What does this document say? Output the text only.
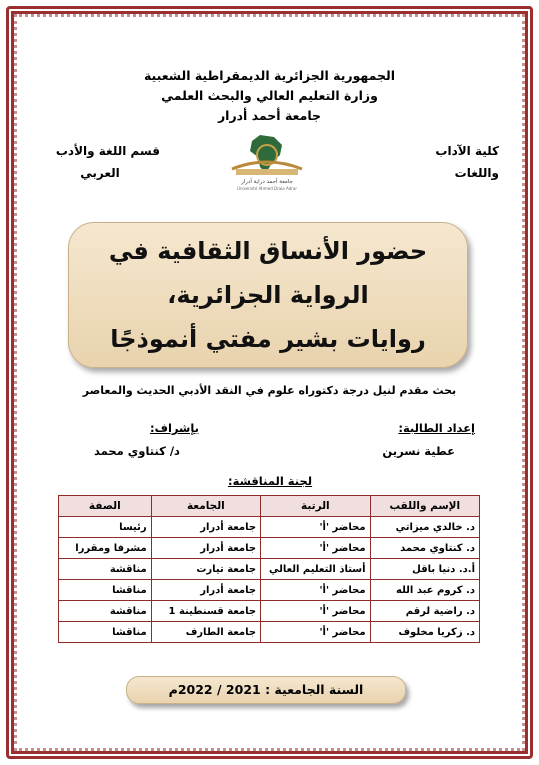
الجمهورية الجزائرية الديمقراطية الشعبية
وزارة التعليم العالي والبحث العلمي
جامعة أحمد أدرار
كلية الآداب
واللغات
قسم اللغة والأدب
العربي
جامعة أحمد دراية أدرار
Université Ahmed Draia Adrar
حضور الأنساق الثقافية في الرواية الجزائرية،
روايات بشير مفتي أنموذجًا
بحث مقدم لنيل درجة دكتوراه علوم في النقد الأدبي الحديث والمعاصر
إعداد الطالبة:
عطية نسرين
بإشراف:
د/ كنتاوي محمد
لجنة المناقشة:
الإسم واللقب	الرتبة	الجامعة	الصفة
د. خالدي ميزاتي	محاضر 'أ'	جامعة أدرار	رئيسا
د. كنتاوي محمد	محاضر 'أ'	جامعة أدرار	مشرفا ومقررا
أ.د. دنيا باقل	أستاذ التعليم العالي	جامعة تيارت	مناقشة
د. كروم عبد الله	محاضر 'أ'	جامعة أدرار	مناقشا
د. راضية لرقم	محاضر 'أ'	جامعة قسنطينة 1	مناقشة
د. زكريا مخلوف	محاضر 'أ'	جامعة الطارف	مناقشا
السنة الجامعية : 2021 / 2022م
